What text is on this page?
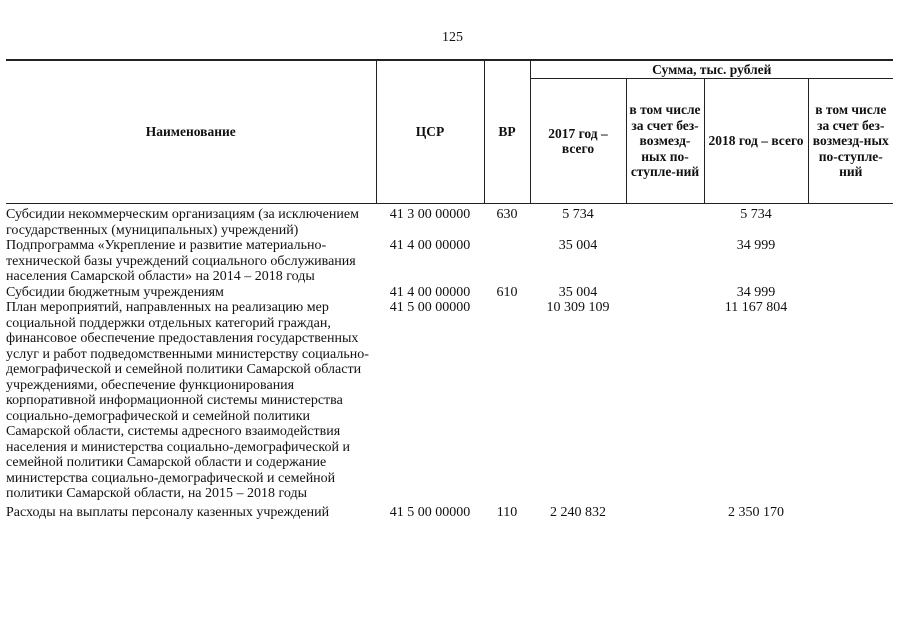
125
Наименование	ЦСР	ВР	Сумма, тыс. рублей			
			2017 год – всего	в том числе за счет без-возмезд-ных по-ступле-ний	2018 год – всего	в том числе за счет без-возмезд-ных по-ступле-ний
Субсидии некоммерческим организациям (за исключением государственных (муниципальных) учреждений)	41 3 00 00000	630	5 734		5 734	
Подпрограмма «Укрепление и развитие материально-технической базы учреждений социального обслуживания населения Самарской области» на 2014 – 2018 годы	41 4 00 00000		35 004		34 999	
Субсидии бюджетным учреждениям	41 4 00 00000	610	35 004		34 999	
План мероприятий, направленных на реализацию мер социальной поддержки отдельных категорий граждан, финансовое обеспечение предоставления государственных услуг и работ подведомственными министерству социально-демографической и семейной политики Самарской области учреждениями, обеспечение функционирования корпоративной информационной системы министерства социально-демографической и семейной политики Самарской области, системы адресного взаимодействия населения и министерства социально-демографической и семейной политики Самарской области и содержание министерства социально-демографической и семейной политики Самарской области, на 2015 – 2018 годы	41 5 00 00000		10 309 109		11 167 804	
Расходы на выплаты персоналу казенных учреждений	41 5 00 00000	110	2 240 832		2 350 170	
